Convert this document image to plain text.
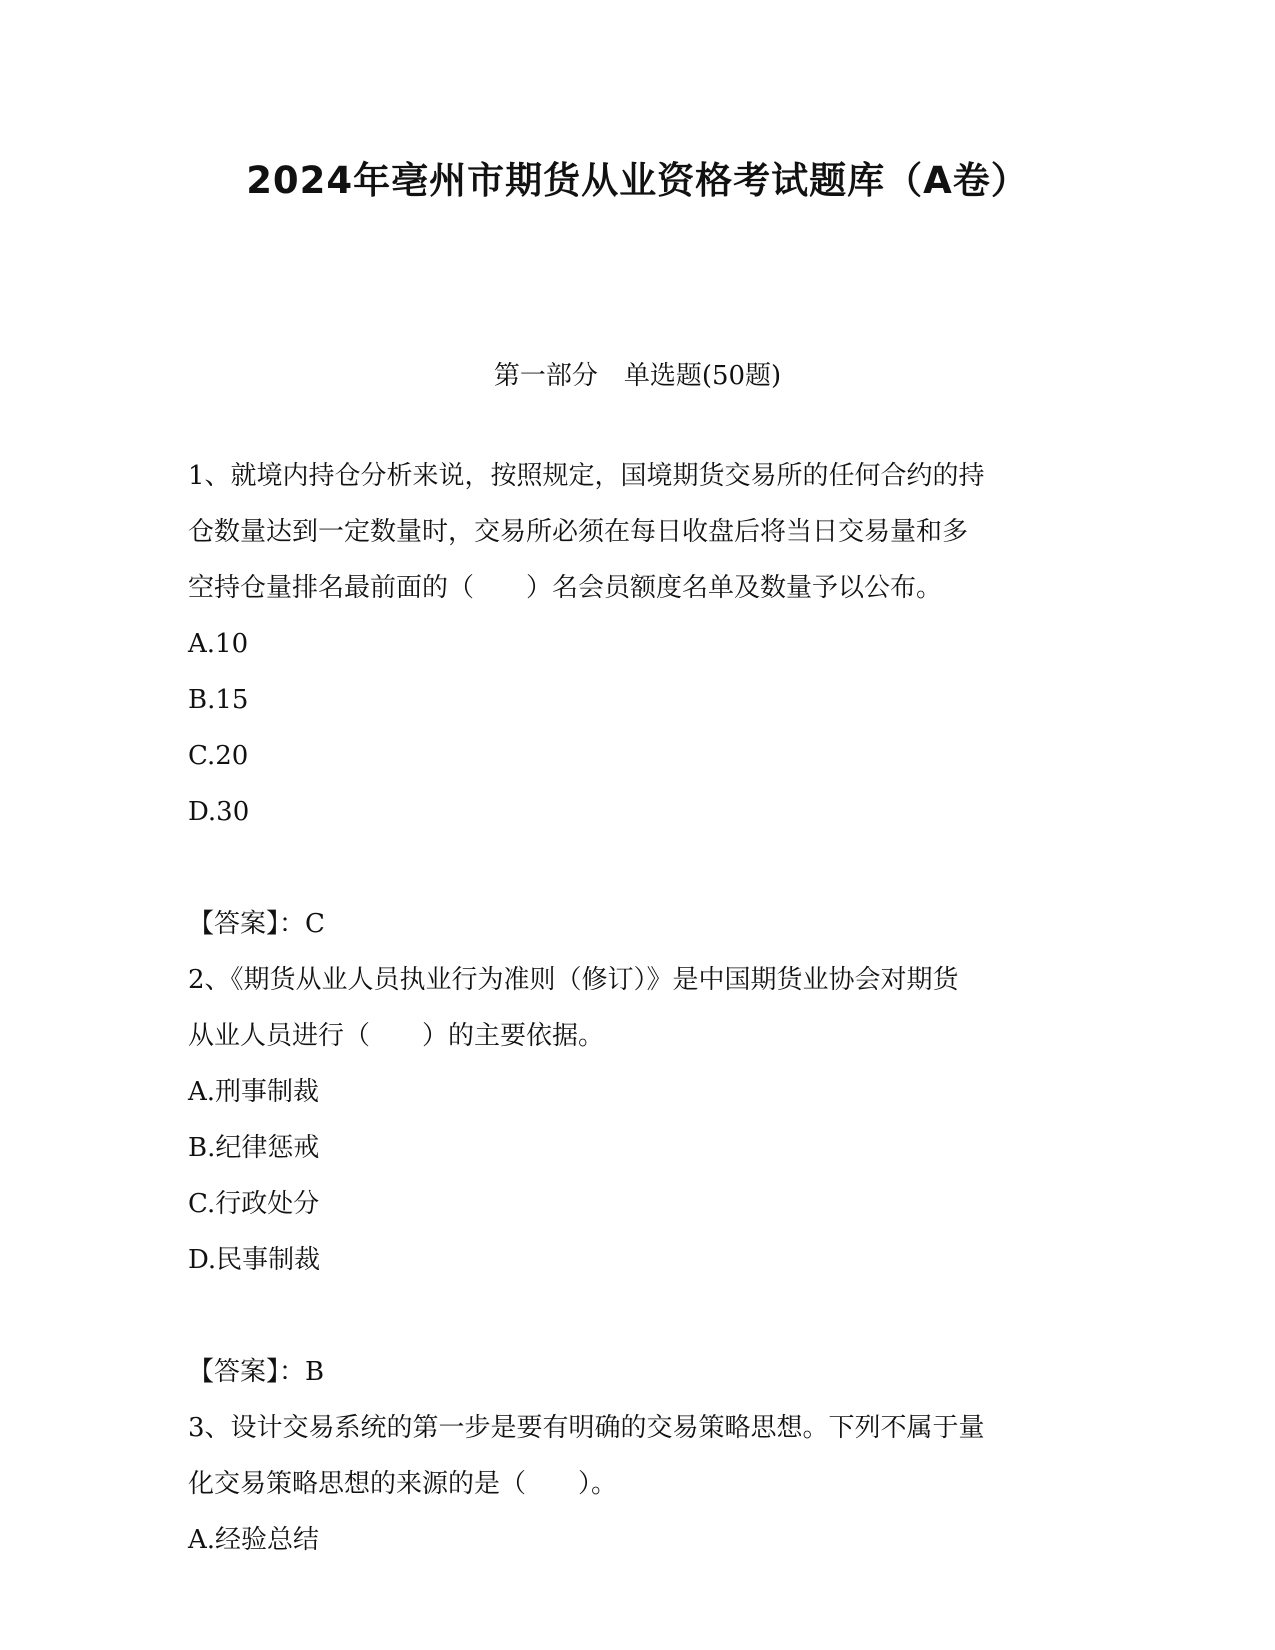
2024年亳州市期货从业资格考试题库（A卷）
第一部分　单选题(50题)

1、就境内持仓分析来说，按照规定，国境期货交易所的任何合约的持

仓数量达到一定数量时，交易所必须在每日收盘后将当日交易量和多

空持仓量排名最前面的（　　）名会员额度名单及数量予以公布。

A.10

B.15

C.20

D.30

【答案】：C

2、《期货从业人员执业行为准则（修订）》是中国期货业协会对期货

从业人员进行（　　）的主要依据。

A.刑事制裁

B.纪律惩戒

C.行政处分

D.民事制裁

【答案】：B

3、设计交易系统的第一步是要有明确的交易策略思想。下列不属于量

化交易策略思想的来源的是（　　）。

A.经验总结
